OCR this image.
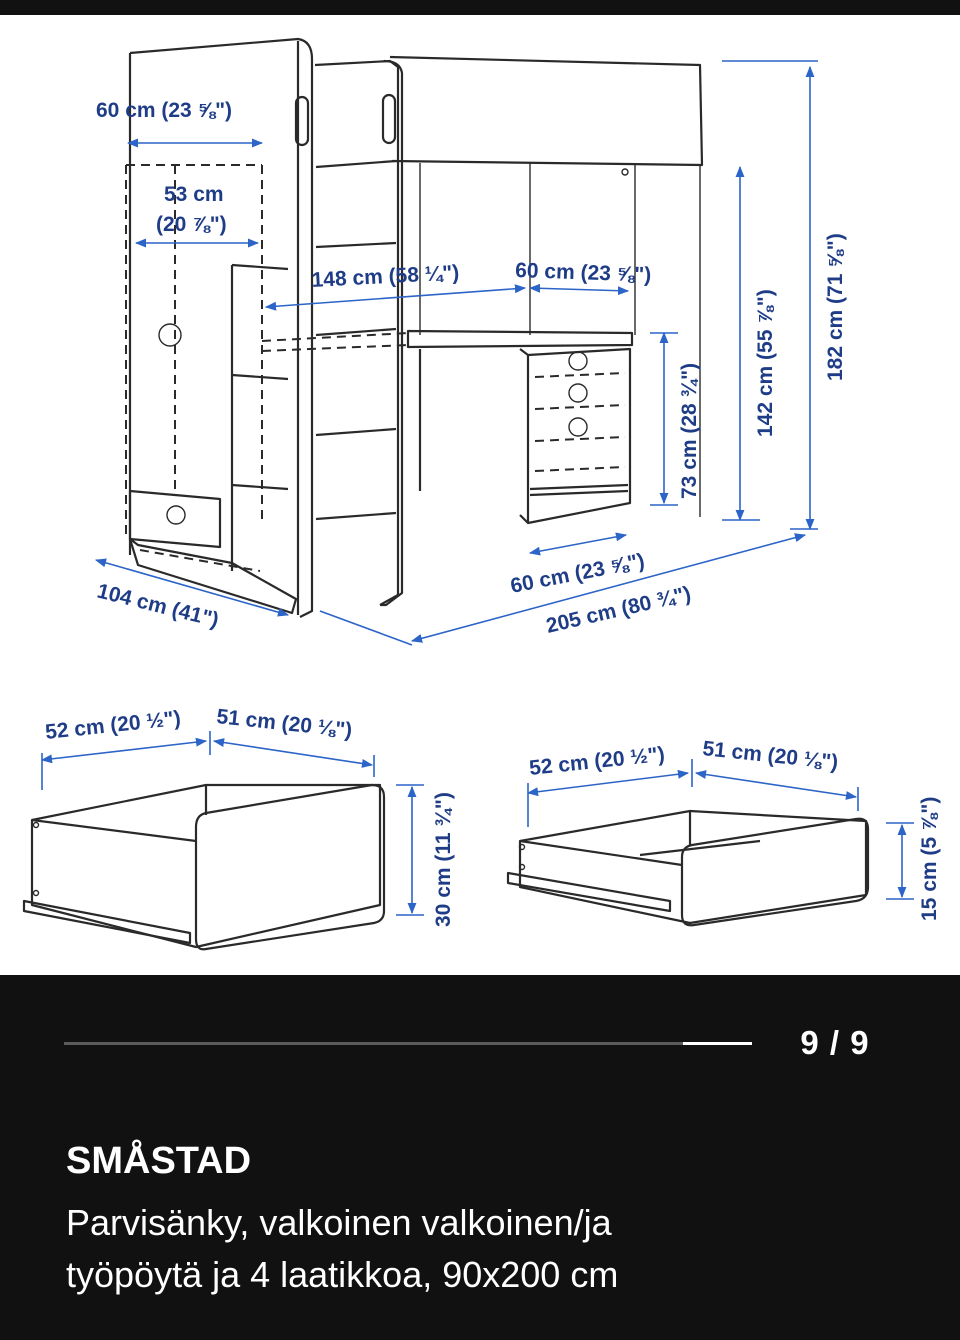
60 cm (23 ⅝")
53 cm
(20 ⅞")
148 cm (58 ¼")	60 cm (23 ⅝")
73 cm (28 ¾")	142 cm (55 ⅞") 182 cm (71 ⅝")
104 cm (41")
60 cm (23 ⅝")
205 cm (80 ¾")
52 cm (20 ½") 51 cm (20 ⅛")
30 cm (11 ¾")
52 cm (20 ½") 51 cm (20 ⅛")
15 cm (5 ⅞")
9 / 9
SMÅSTAD
Parvisänky, valkoinen valkoinen/ja
työpöytä ja 4 laatikkoa, 90x200 cm
